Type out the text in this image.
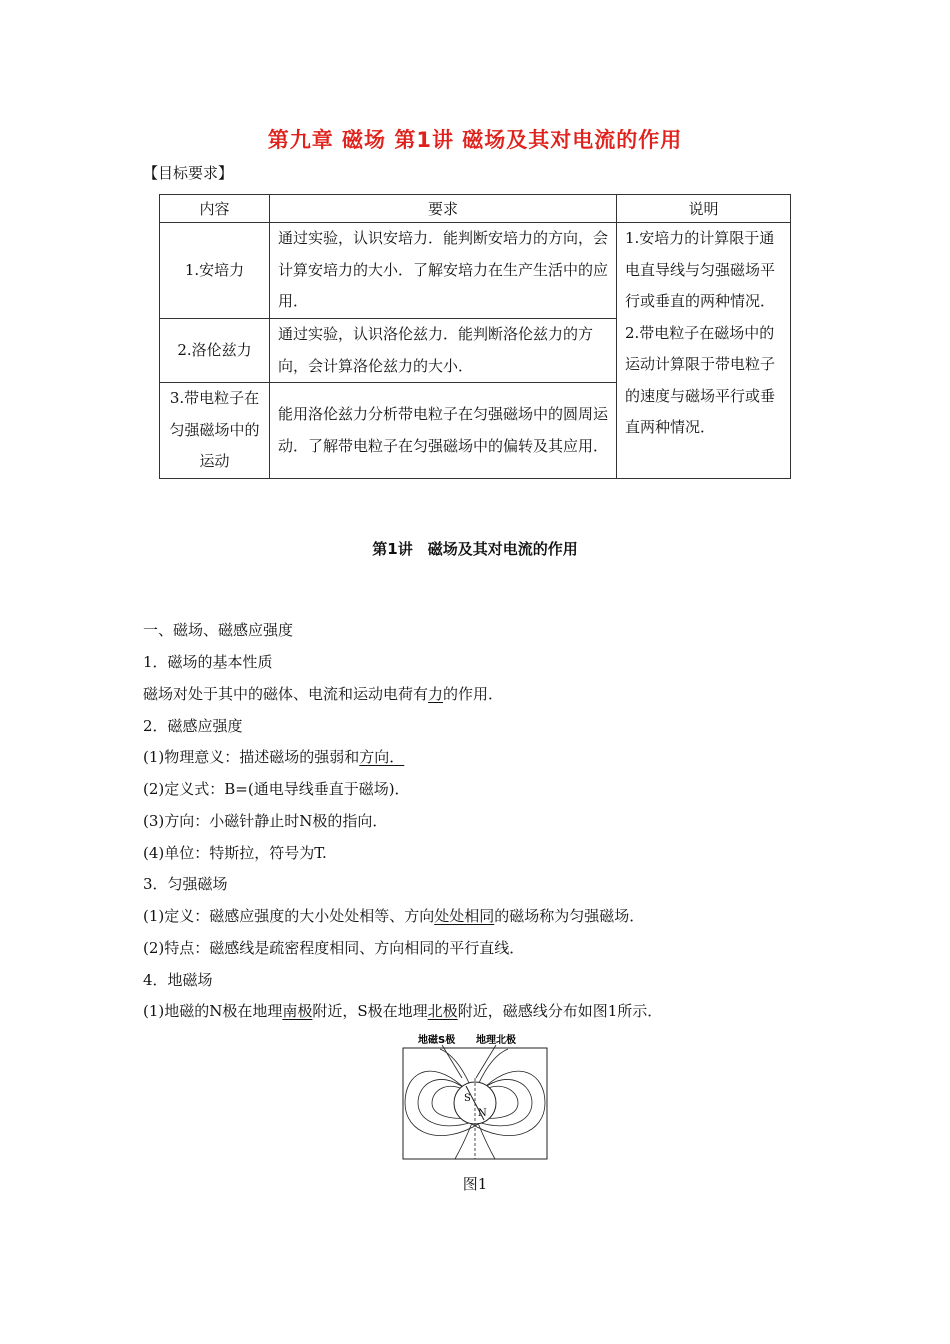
第九章 磁场 第1讲 磁场及其对电流的作用
【目标要求】
内容	要求	说明
1.安培力	通过实验，认识安培力．能判断安培力的方向，会计算安培力的大小．了解安培力在生产生活中的应用．	1.安培力的计算限于通电直导线与匀强磁场平行或垂直的两种情况．2.带电粒子在磁场中的运动计算限于带电粒子的速度与磁场平行或垂直两种情况．
2.洛伦兹力	通过实验，认识洛伦兹力．能判断洛伦兹力的方向，会计算洛伦兹力的大小．	
3.带电粒子在匀强磁场中的运动	能用洛伦兹力分析带电粒子在匀强磁场中的圆周运动．了解带电粒子在匀强磁场中的偏转及其应用．	
第1讲　磁场及其对电流的作用
一、磁场、磁感应强度
1．磁场的基本性质
磁场对处于其中的磁体、电流和运动电荷有力的作用．
2．磁感应强度
(1)物理意义：描述磁场的强弱和方向．
(2)定义式：B=(通电导线垂直于磁场)．
(3)方向：小磁针静止时N极的指向．
(4)单位：特斯拉，符号为T.
3．匀强磁场
(1)定义：磁感应强度的大小处处相等、方向处处相同的磁场称为匀强磁场．
(2)特点：磁感线是疏密程度相同、方向相同的平行直线．
4．地磁场
(1)地磁的N极在地理南极附近，S极在地理北极附近，磁感线分布如图1所示．
地磁S极 地理北极
S
N
图1
